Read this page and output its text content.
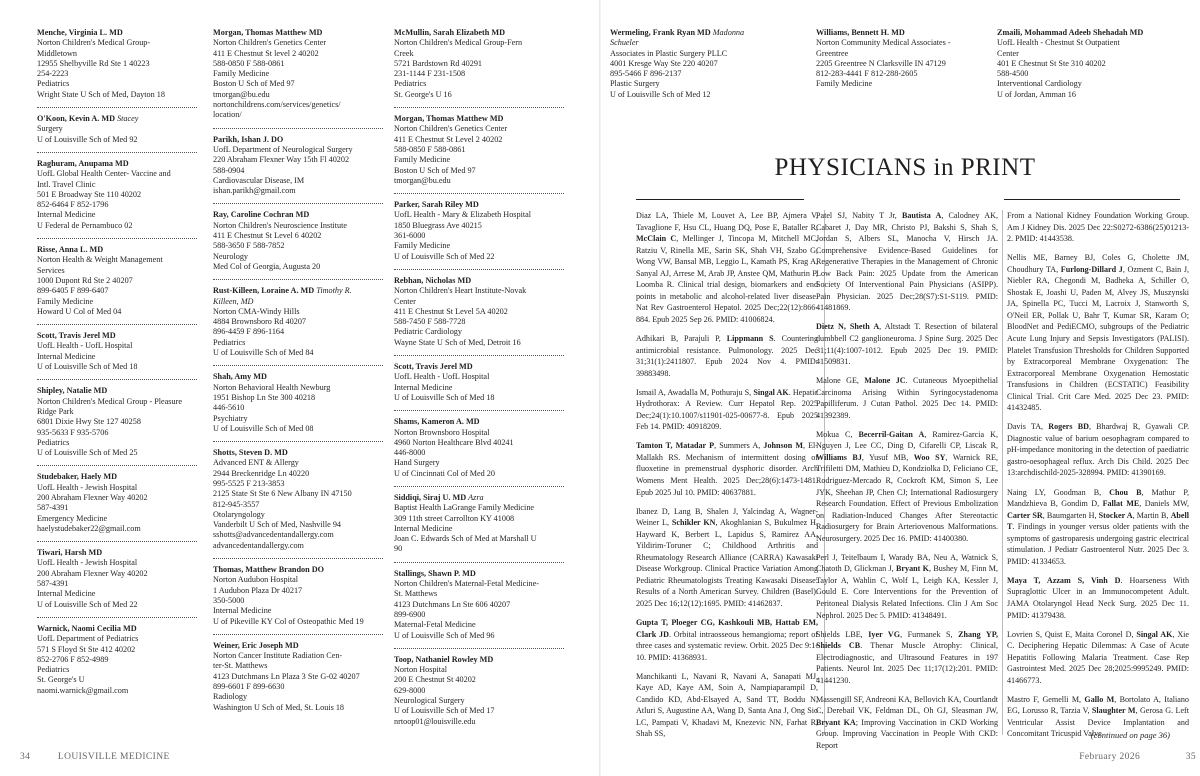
Menche, Virginia L. MD
Norton Children's Medical Group-
Middletown
12955 Shelbyville Rd Ste 1 40223
254-2223
Pediatrics
Wright State U Sch of Med, Dayton 18
O'Koon, Kevin A. MD Stacey
Surgery
U of Louisville Sch of Med 92
Raghuram, Anupama MD
UofL Global Health Center- Vaccine and
Intl. Travel Clinic
501 E Broadway Ste 110 40202
852-6464 F 852-1796
Internal Medicine
U Federal de Pernambuco 02
Risse, Anna L. MD
Norton Health & Weight Management
Services
1000 Dupont Rd Ste 2 40207
899-6405 F 899-6407
Family Medicine
Howard U Col of Med 04
Scott, Travis Jerel MD
UofL Health - UofL Hospital
Internal Medicine
U of Louisville Sch of Med 18
Shipley, Natalie MD
Norton Children's Medical Group - Pleasure
Ridge Park
6801 Dixie Hwy Ste 127 40258
935-5633 F 935-5706
Pediatrics
U of Louisville Sch of Med 25
Studebaker, Haely MD
UofL Health - Jewish Hospital
200 Abraham Flexner Way 40202
587-4391
Emergency Medicine
haelystudebaker22@gmail.com
Tiwari, Harsh MD
UofL Health - Jewish Hospital
200 Abraham Flexner Way 40202
587-4391
Internal Medicine
U of Louisville Sch of Med 22
Warnick, Naomi Cecilia MD
UofL Department of Pediatrics
571 S Floyd St Ste 412 40202
852-2706 F 852-4989
Pediatrics
St. George's U
naomi.warnick@gmail.com
Morgan, Thomas Matthew MD
Norton Children's Genetics Center
411 E Chestnut St level 2 40202
588-0850 F 588-0861
Family Medicine
Boston U Sch of Med 97
tmorgan@bu.edu
nortonchildrens.com/services/genetics/
location/
Parikh, Ishan J. DO
UofL Department of Neurological Surgery
220 Abraham Flexner Way 15th Fl 40202
588-0904
Cardiovascular Disease, IM
ishan.parikh@gmail.com
Ray, Caroline Cochran MD
Norton Children's Neuroscience Institute
411 E Chestnut St Level 6 40202
588-3650 F 588-7852
Neurology
Med Col of Georgia, Augusta 20
Rust-Killeen, Loraine A. MD Timothy R.
Killeen, MD
Norton CMA-Windy Hills
4884 Brownsboro Rd 40207
896-4459 F 896-1164
Pediatrics
U of Louisville Sch of Med 84
Shah, Amy MD
Norton Behavioral Health Newburg
1951 Bishop Ln Ste 300 40218
446-5610
Psychiatry
U of Louisville Sch of Med 08
Shotts, Steven D. MD
Advanced ENT & Allergy
2944 Breckenridge Ln 40220
995-5525 F 213-3853
2125 State St Ste 6 New Albany IN 47150
812-945-3557
Otolaryngology
Vanderbilt U Sch of Med, Nashville 94
sshotts@advancedentandallergy.com
advancedentandallergy.com
Thomas, Matthew Brandon DO
Norton Audubon Hospital
1 Audubon Plaza Dr 40217
350-5000
Internal Medicine
U of Pikeville KY Col of Osteopathic Med 19
Weiner, Eric Joseph MD
Norton Cancer Institute Radiation Cen-
ter-St. Matthews
4123 Dutchmans Ln Plaza 3 Ste G-02 40207
899-6601 F 899-6630
Radiology
Washington U Sch of Med, St. Louis 18
McMullin, Sarah Elizabeth MD
Norton Children's Medical Group-Fern
Creek
5721 Bardstown Rd 40291
231-1144 F 231-1508
Pediatrics
St. George's U 16
Morgan, Thomas Matthew MD
Norton Children's Genetics Center
411 E Chestnut St Level 2 40202
588-0850 F 588-0861
Family Medicine
Boston U Sch of Med 97
tmorgan@bu.edu
Parker, Sarah Riley MD
UofL Health - Mary & Elizabeth Hospital
1850 Bluegrass Ave 40215
361-6000
Family Medicine
U of Louisville Sch of Med 22
Rebhan, Nicholas MD
Norton Children's Heart Institute-Novak
Center
411 E Chestnut St Level 5A 40202
588-7450 F 588-7728
Pediatric Cardiology
Wayne State U Sch of Med, Detroit 16
Scott, Travis Jerel MD
UofL Health - UofL Hospital
Internal Medicine
U of Louisville Sch of Med 18
Shams, Kameron A. MD
Norton Brownsboro Hospital
4960 Norton Healthcare Blvd 40241
446-8000
Hand Surgery
U of Cincinnati Col of Med 20
Siddiqi, Siraj U. MD Azra
Baptist Health LaGrange Family Medicine
309 11th street Carrollton KY 41008
Internal Medicine
Joan C. Edwards Sch of Med at Marshall U
90
Stallings, Shawn P. MD
Norton Children's Maternal-Fetal Medicine-
St. Matthews
4123 Dutchmans Ln Ste 606 40207
899-6900
Maternal-Fetal Medicine
U of Louisville Sch of Med 96
Toop, Nathaniel Rowley MD
Norton Hospital
200 E Chestnut St 40202
629-8000
Neurological Surgery
U of Louisville Sch of Med 17
nrtoop01@louisville.edu
34	LOUISVILLE MEDICINE
Wermeling, Frank Ryan MD Madonna
Schueler
Associates in Plastic Surgery PLLC
4001 Kresge Way Ste 220 40207
895-5466 F 896-2137
Plastic Surgery
U of Louisville Sch of Med 12
Williams, Bennett H. MD
Norton Community Medical Associates -
Greentree
2205 Greentree N Clarksville IN 47129
812-283-4441 F 812-288-2605
Family Medicine
Zmaili, Mohammad Adeeb Shehadah MD
UofL Health - Chestnut St Outpatient
Center
401 E Chestnut St Ste 310 40202
588-4500
Interventional Cardiology
U of Jordan, Amman 16
PHYSICIANS in PRINT

Diaz LA, Thiele M, Louvet A, Lee BP, Ajmera V, Tavaglione F, Hsu CL, Huang DQ, Pose E, Bataller R, McClain C, Mellinger J, Tincopa M, Mitchell MC, Ratziu V, Rinella ME, Sarin SK, Shah VH, Szabo G, Wong VW, Bansal MB, Leggio L, Kamath PS, Krag A, Sanyal AJ, Arrese M, Arab JP, Anstee QM, Mathurin P, Loomba R. Clinical trial design, biomarkers and end points in metabolic and alcohol-related liver disease. Nat Rev Gastroenterol Hepatol. 2025 Dec;22(12):866-884. Epub 2025 Sep 26. PMID: 41006824.

Adhikari B, Parajuli P, Lippmann S. Countering antimicrobial resistance. Pulmonology. 2025 Dec 31;31(1):2411807. Epub 2024 Nov 4. PMID: 39883498.

Ismail A, Awadalla M, Pothuraju S, Singal AK. Hepatic Hydrothorax: A Review. Curr Hepatol Rep. 2025 Dec;24(1):10.1007/s11901-025-00677-8. Epub 2025 Feb 14. PMID: 40918209.

Tamton T, Matadar P, Summers A, Johnson M, El-Mallakh RS. Mechanism of intermittent dosing of fluoxetine in premenstrual dysphoric disorder. Arch Womens Ment Health. 2025 Dec;28(6):1473-1481. Epub 2025 Jul 10. PMID: 40637881.

Ibanez D, Lang B, Shalen J, Yalcindag A, Wagner-Weiner L, Schikler KN, Akoghlanian S, Bukulmez H, Hayward K, Berbert L, Lapidus S, Ramirez AA, Yildirim-Toruner C; Childhood Arthritis and Rheumatology Research Alliance (CARRA) Kawasaki Disease Workgroup. Clinical Practice Variation Among Pediatric Rheumatologists Treating Kawasaki Disease: Results of a North American Survey. Children (Basel). 2025 Dec 16;12(12):1695. PMID: 41462837.

Gupta T, Ploeger CG, Kashkouli MB, Hattab EM, Clark JD. Orbital intraosseous hemangioma; report of three cases and systematic review. Orbit. 2025 Dec 9:1-10. PMID: 41368931.

Manchikanti L, Navani R, Navani A, Sanapati MJ, Kaye AD, Kaye AM, Soin A, Nampiaparampil D, Candido KD, Abd-Elsayed A, Sand TT, Boddu N, Atluri S, Augustine AA, Wang D, Santa Ana J, Ong Sio LC, Pampati V, Khadavi M, Knezevic NN, Farhat R, Shah SS,

Patel SJ, Nabity T Jr, Bautista A, Calodney AK, Cabaret J, Day MR, Christo PJ, Bakshi S, Shah S, Jordan S, Albers SL, Manocha V, Hirsch JA. Comprehensive Evidence-Based Guidelines for Regenerative Therapies in the Management of Chronic Low Back Pain: 2025 Update from the American Society Of Interventional Pain Physicians (ASIPP). Pain Physician. 2025 Dec;28(S7):S1-S119. PMID: 41481869.

Dietz N, Sheth A, Altstadt T. Resection of bilateral dumbbell C2 ganglioneuroma. J Spine Surg. 2025 Dec 31;11(4):1007-1012. Epub 2025 Dec 19. PMID: 41509831.

Malone GE, Malone JC. Cutaneous Myoepithelial Carcinoma Arising Within Syringocystadenoma Papilliferum. J Cutan Pathol. 2025 Dec 14. PMID: 41392389.

Mokua C, Becerril-Gaitan A, Ramirez-Garcia K, Nguyen J, Lee CC, Ding D, Cifarelli CP, Liscak R, Williams BJ, Yusuf MB, Woo SY, Warnick RE, Trifiletti DM, Mathieu D, Kondziolka D, Feliciano CE, Rodriguez-Mercado R, Cockroft KM, Simon S, Lee JYK, Sheehan JP, Chen CJ; International Radiosurgery Research Foundation. Effect of Previous Embolization on Radiation-Induced Changes After Stereotactic Radiosurgery for Brain Arteriovenous Malformations. Neurosurgery. 2025 Dec 16. PMID: 41400380.

Perl J, Teitelbaum I, Warady BA, Neu A, Watnick S, Chatoth D, Glickman J, Bryant K, Bushey M, Finn M, Taylor A, Wahlin C, Wolf L, Leigh KA, Kessler J, Gould E. Core Interventions for the Prevention of Peritoneal Dialysis Related Infections. Clin J Am Soc Nephrol. 2025 Dec 5. PMID: 41348491.

Shields LBE, Iyer VG, Furmanek S, Zhang YP, Shields CB. Thenar Muscle Atrophy: Clinical, Electrodiagnostic, and Ultrasound Features in 197 Patients. Neurol Int. 2025 Dec 11;17(12):201. PMID: 41441230.

Massengill SF, Andreoni KA, Bellovich KA, Courtlandt C, Derebail VK, Feldman DL, Oh GJ, Sleasman JW, Bryant KA; Improving Vaccination in CKD Working Group. Improving Vaccination in People With CKD: Report

From a National Kidney Foundation Working Group. Am J Kidney Dis. 2025 Dec 22:S0272-6386(25)01213-2. PMID: 41443538.

Nellis ME, Barney BJ, Coles G, Cholette JM, Choudhury TA, Furlong-Dillard J, Ozment C, Bain J, Niebler RA, Chegondi M, Badheka A, Schiller O, Shostak E, Joashi U, Paden M, Alvey JS, Muszynski JA, Spinella PC, Tucci M, Lacroix J, Stanworth S, O'Neil ER, Pollak U, Bahr T, Kumar SR, Karam O; BloodNet and PediECMO, subgroups of the Pediatric Acute Lung Injury and Sepsis Investigators (PALISI). Platelet Transfusion Thresholds for Children Supported by Extracorporeal Membrane Oxygenation: The Extracorporeal Membrane Oxygenation Hemostatic Transfusions in Children (ECSTATIC) Feasibility Clinical Trial. Crit Care Med. 2025 Dec 23. PMID: 41432485.

Davis TA, Rogers BD, Bhardwaj R, Gyawali CP. Diagnostic value of barium oesophagram compared to pH-impedance monitoring in the detection of paediatric gastro-oesophageal reflux. Arch Dis Child. 2025 Dec 13:archdischild-2025-328994. PMID: 41390169.

Naing LY, Goodman B, Chou B, Mathur P, Mandzhieva B, Gondim D, Fallat ME, Daniels MW, Carter SR, Baumgarten H, Stocker A, Martin B, Abell T. Findings in younger versus older patients with the symptoms of gastroparesis undergoing gastric electrical stimulation. J Pediatr Gastroenterol Nutr. 2025 Dec 3. PMID: 41334653.

Maya T, Azzam S, Vinh D. Hoarseness With Supraglottic Ulcer in an Immunocompetent Adult. JAMA Otolaryngol Head Neck Surg. 2025 Dec 11. PMID: 41379438.

Lovrien S, Quist E, Maita Coronel D, Singal AK, Xie C. Deciphering Hepatic Dilemmas: A Case of Acute Hepatitis Following Malaria Treatment. Case Rep Gastrointest Med. 2025 Dec 28;2025:9995249. PMID: 41466773.

Mastro F, Gemelli M, Gallo M, Bortolato A, Italiano EG, Lorusso R, Tarzia V, Slaughter M, Gerosa G. Left Ventricular Assist Device Implantation and Concomitant Tricuspid Valve

(continued on page 36)
February 2026	35
